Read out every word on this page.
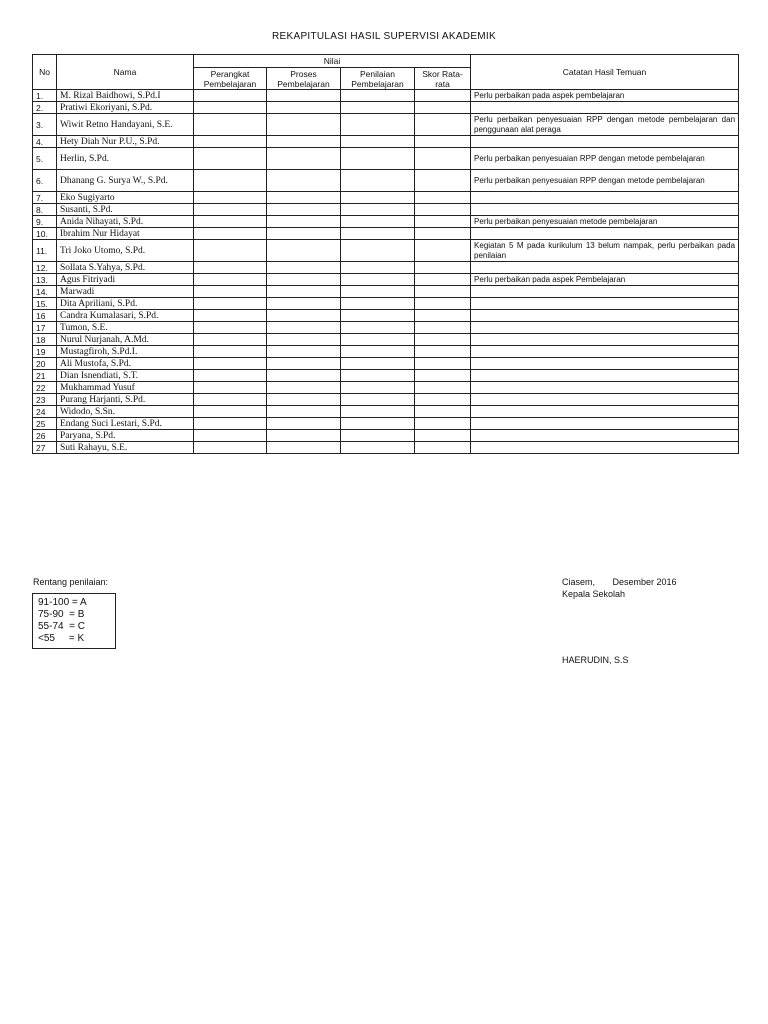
REKAPITULASI HASIL SUPERVISI AKADEMIK
No	Nama	Nilai				Catatan Hasil Temuan
		Perangkat Pembelajaran	Proses Pembelajaran	Penilaian Pembelajaran	Skor Rata-rata	
1.	M. Rizal Baidhowi, S.Pd.I					Perlu perbaikan pada aspek pembelajaran
2.	Pratiwi Ekoriyani, S.Pd.					
3.	Wiwit Retno Handayani, S.E.					Perlu perbaikan penyesuaian RPP dengan metode pembelajaran dan penggunaan alat peraga
4.	Hety Diah Nur P.U., S.Pd.					
5.	Herlin, S.Pd.					Perlu perbaikan penyesuaian RPP dengan metode pembelajaran
6.	Dhanang G. Surya W., S.Pd.					Perlu perbaikan penyesuaian RPP dengan metode pembelajaran
7.	Eko Sugiyarto					
8.	Susanti, S.Pd.					
9.	Anida Nihayati, S.Pd.					Perlu perbaikan penyesuaian metode pembelajaran
10.	Ibrahim Nur Hidayat					
11.	Tri Joko Utomo, S.Pd.					Kegiatan 5 M pada kurikulum 13 belum nampak, perlu perbaikan pada penilaian
12.	Sollata S.Yahya, S.Pd.					
13.	Agus Fitriyadi					Perlu perbaikan pada aspek Pembelajaran
14.	Marwadi					
15.	Dita Apriliani, S.Pd.					
16	Candra Kumalasari, S.Pd.					
17	Tumon, S.E.					
18	Nurul Nurjanah, A.Md.					
19	Mustagfiroh, S.Pd.I.					
20	Ali Mustofa, S.Pd.					
21	Dian Isnendiati, S.T.					
22	Mukhammad Yusuf					
23	Purang Harjanti, S.Pd.					
24	Widodo, S.Sn.					
25	Endang Suci Lestari, S.Pd.					
26	Paryana, S.Pd.					
27	Suti Rahayu, S.E.					
Rentang penilaian:
91-100 = A
75-90  = B
55-74  = C
<55     = K
Ciasem,       Desember 2016
Kepala Sekolah
HAERUDIN, S.S
